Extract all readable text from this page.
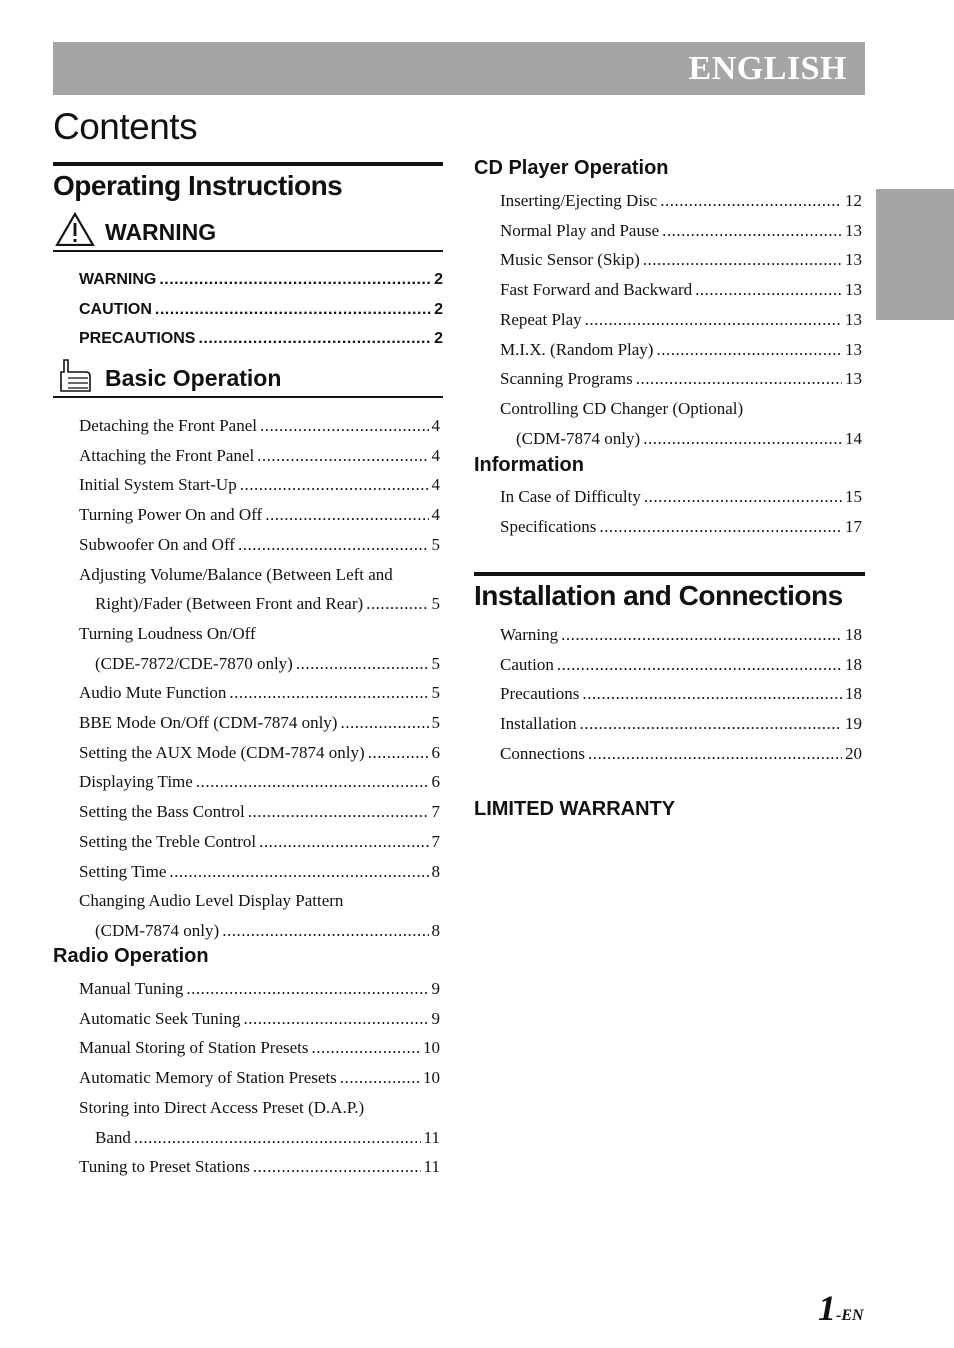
ENGLISH
Contents
Operating Instructions
WARNING
WARNING .....	2
CAUTION .....	2
PRECAUTIONS .....	2
Basic Operation
Detaching the Front Panel .....	4
Attaching the Front Panel .....	4
Initial System Start-Up .....	4
Turning Power On and Off .....	4
Subwoofer On and Off .....	5
Adjusting Volume/Balance (Between Left and
Right)/Fader (Between Front and Rear) .....	5
Turning Loudness On/Off
(CDE-7872/CDE-7870 only) .....	5
Audio Mute Function .....	5
BBE Mode On/Off (CDM-7874 only) .....	5
Setting the AUX Mode (CDM-7874 only) .....	6
Displaying Time .....	6
Setting the Bass Control .....	7
Setting the Treble Control .....	7
Setting Time .....	8
Changing Audio Level Display Pattern
(CDM-7874 only) .....	8
Radio Operation
Manual Tuning .....	9
Automatic Seek Tuning .....	9
Manual Storing of Station Presets .....	10
Automatic Memory of Station Presets .....	10
Storing into Direct Access Preset (D.A.P.)
Band .....	11
Tuning to Preset Stations .....	11
CD Player Operation
Inserting/Ejecting Disc .....	12
Normal Play and Pause .....	13
Music Sensor (Skip) .....	13
Fast Forward and Backward .....	13
Repeat Play .....	13
M.I.X. (Random Play) .....	13
Scanning Programs .....	13
Controlling CD Changer (Optional)
(CDM-7874 only) .....	14
Information
In Case of Difficulty .....	15
Specifications .....	17
Installation and Connections
Warning .....	18
Caution .....	18
Precautions .....	18
Installation .....	19
Connections .....	20
LIMITED WARRANTY
1-EN
